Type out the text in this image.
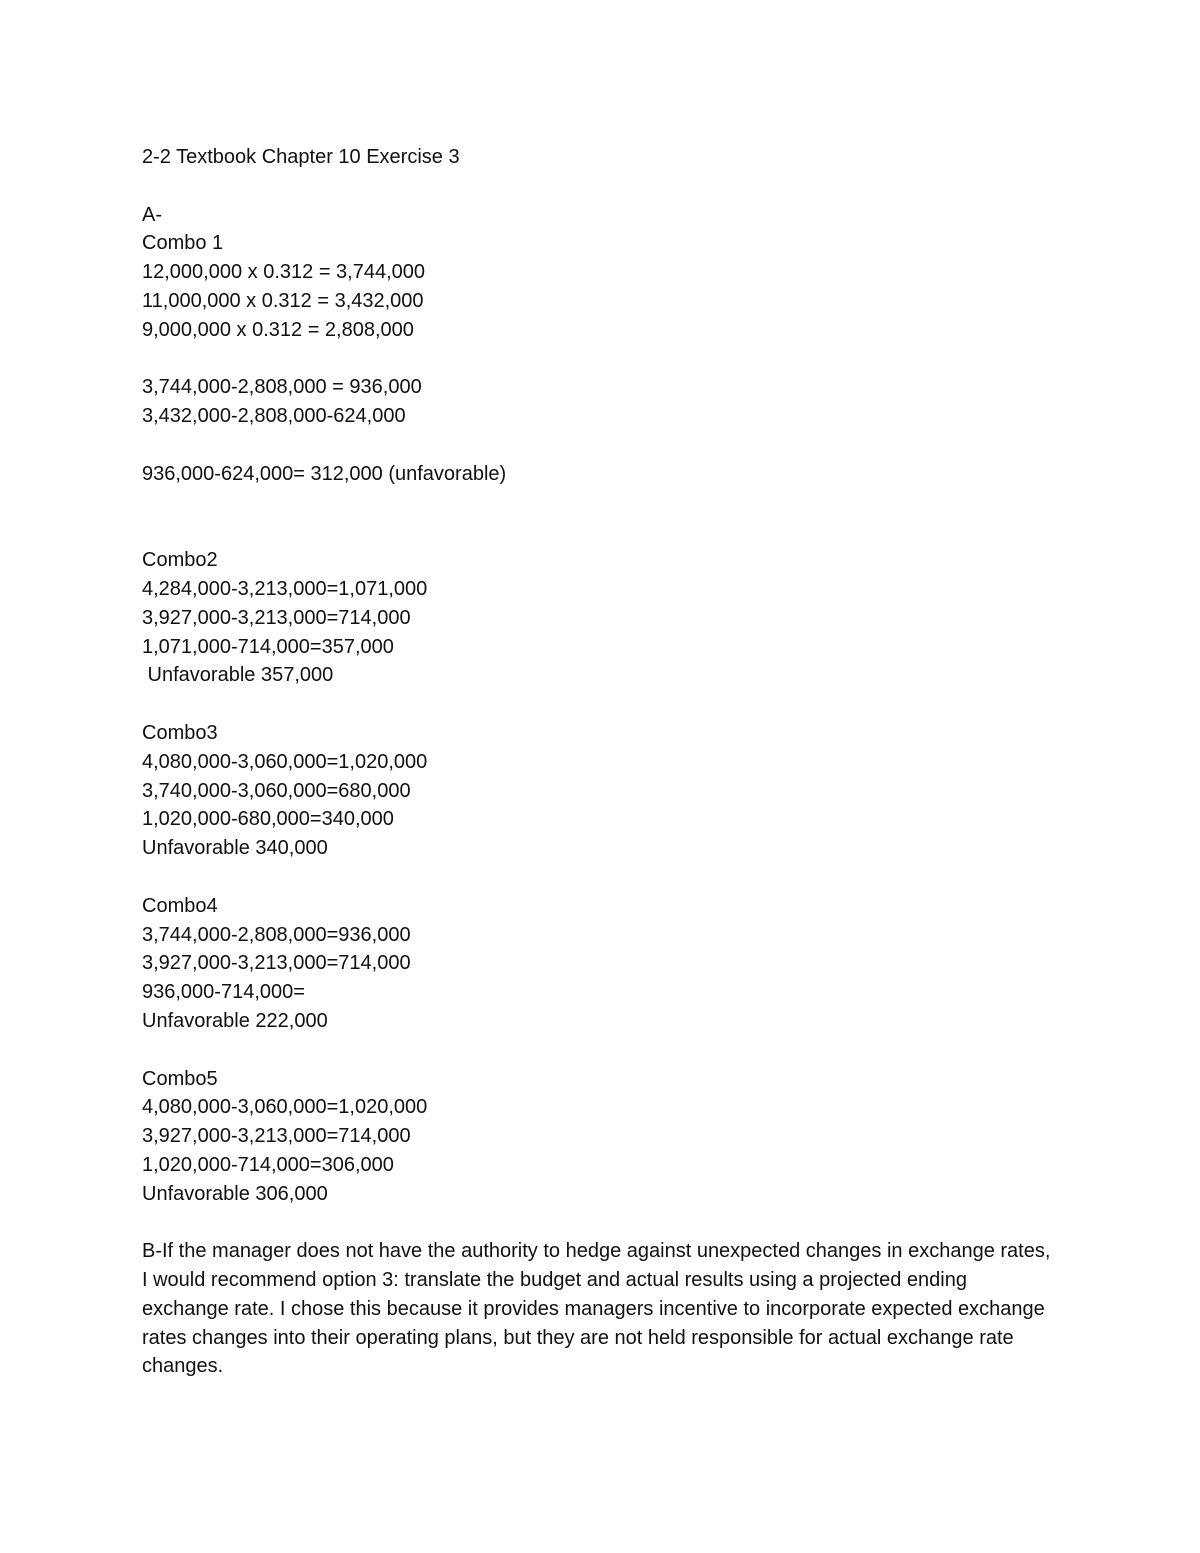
2-2 Textbook Chapter 10 Exercise 3
A-
Combo 1
12,000,000 x 0.312 = 3,744,000
11,000,000 x 0.312 = 3,432,000
9,000,000 x 0.312 = 2,808,000
3,744,000-2,808,000 = 936,000
3,432,000-2,808,000-624,000
936,000-624,000= 312,000 (unfavorable)
Combo2
4,284,000-3,213,000=1,071,000
3,927,000-3,213,000=714,000
1,071,000-714,000=357,000
Unfavorable 357,000
Combo3
4,080,000-3,060,000=1,020,000
3,740,000-3,060,000=680,000
1,020,000-680,000=340,000
Unfavorable 340,000
Combo4
3,744,000-2,808,000=936,000
3,927,000-3,213,000=714,000
936,000-714,000=
Unfavorable 222,000
Combo5
4,080,000-3,060,000=1,020,000
3,927,000-3,213,000=714,000
1,020,000-714,000=306,000
Unfavorable 306,000
B-If the manager does not have the authority to hedge against unexpected changes in exchange rates, I would recommend option 3: translate the budget and actual results using a projected ending exchange rate. I chose this because it provides managers incentive to incorporate expected exchange rates changes into their operating plans, but they are not held responsible for actual exchange rate changes.
